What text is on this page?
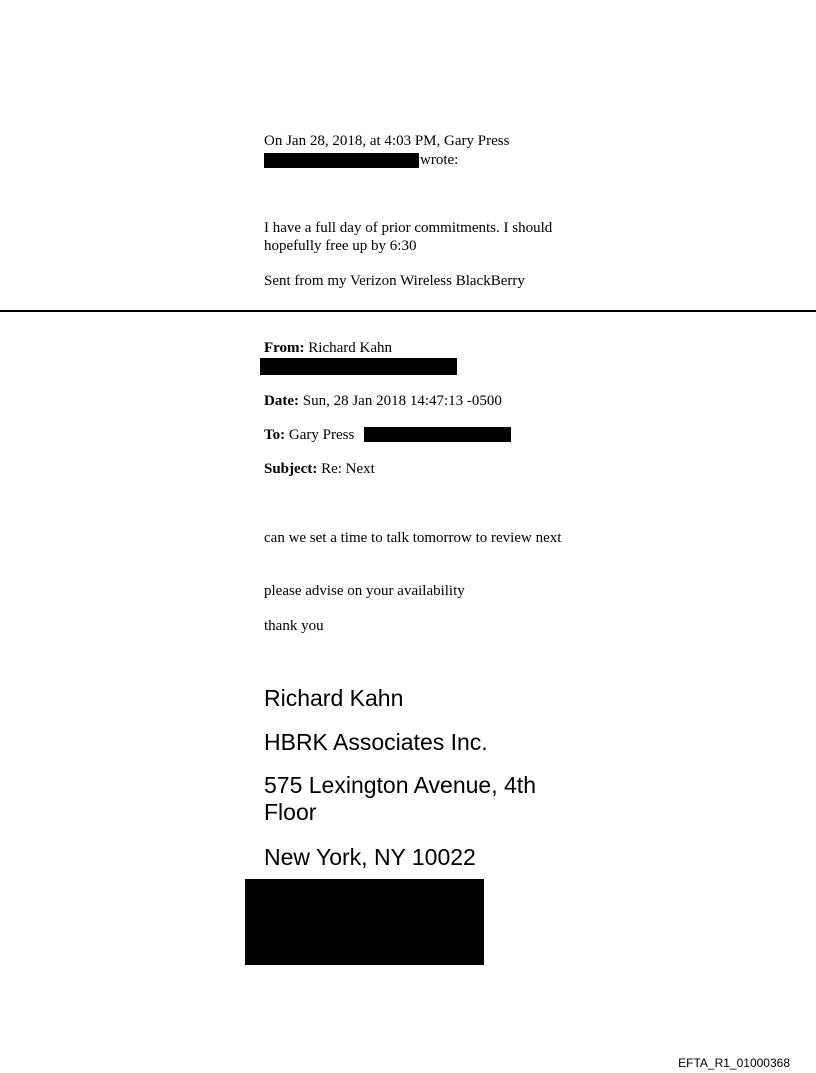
On Jan 28, 2018, at 4:03 PM, Gary Press
wrote:
I have a full day of prior commitments. I should hopefully free up by 6:30
Sent from my Verizon Wireless BlackBerry
From: Richard Kahn
Date: Sun, 28 Jan 2018 14:47:13 -0500
To: Gary Press
Subject: Re: Next
can we set a time to talk tomorrow to review next
please advise on your availability
thank you
Richard Kahn
HBRK Associates Inc.
575 Lexington Avenue, 4th Floor
New York, NY 10022
EFTA_R1_01000368
